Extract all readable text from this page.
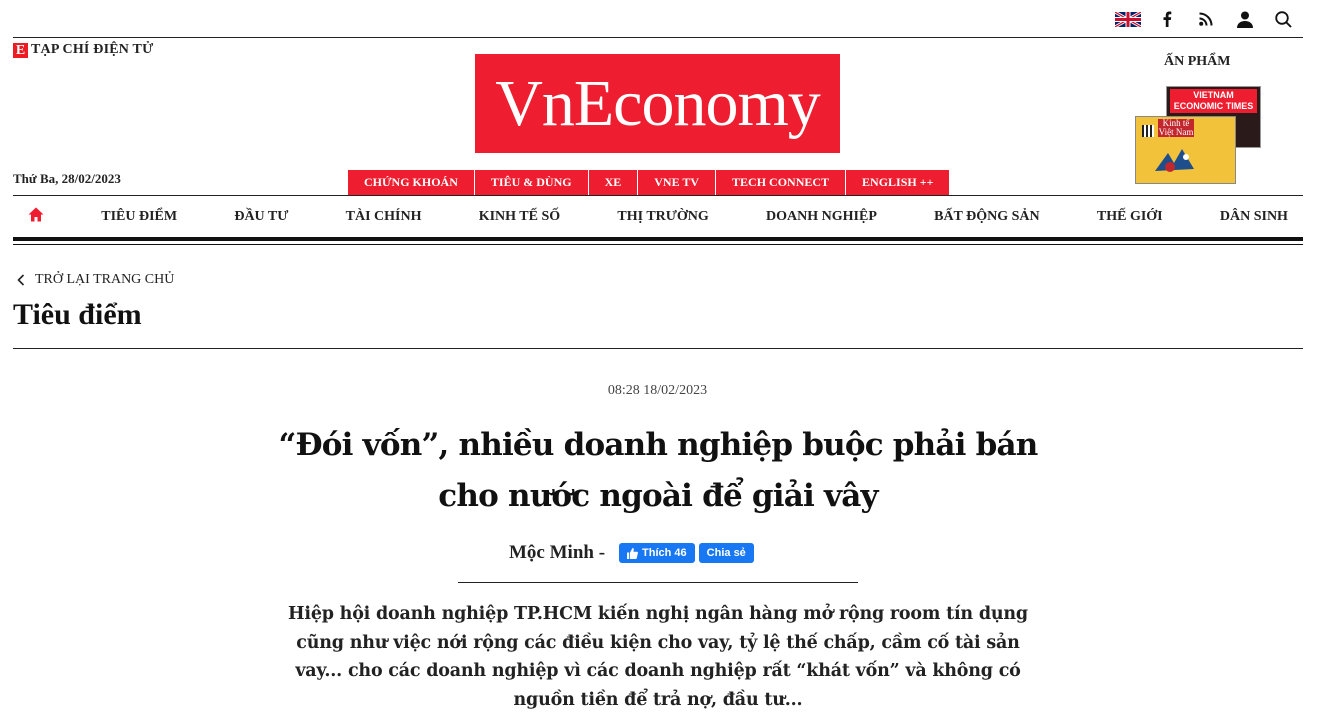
E TẠP CHÍ ĐIỆN TỬ
VnEconomy
Thứ Ba, 28/02/2023	CHỨNG KHOÁN	TIÊU & DÙNG	XE	VNE TV	TECH CONNECT	ENGLISH ++
ẤN PHẨM
VIETNAM ECONOMIC TIMES
Kinh tế Việt Nam
TIÊU ĐIỂM	ĐẦU TƯ	TÀI CHÍNH	KINH TẾ SỐ	THỊ TRƯỜNG	DOANH NGHIỆP	BẤT ĐỘNG SẢN	THẾ GIỚI	DÂN SINH
TRỞ LẠI TRANG CHỦ
Tiêu điểm
08:28 18/02/2023
“Đói vốn”, nhiều doanh nghiệp buộc phải bán cho nước ngoài để giải vây
Mộc Minh -	Thích 46 Chia sẻ

Hiệp hội doanh nghiệp TP.HCM kiến nghị ngân hàng mở rộng room tín dụng cũng như việc nới rộng các điều kiện cho vay, tỷ lệ thế chấp, cầm cố tài sản vay... cho các doanh nghiệp vì các doanh nghiệp rất “khát vốn” và không có nguồn tiền để trả nợ, đầu tư...
